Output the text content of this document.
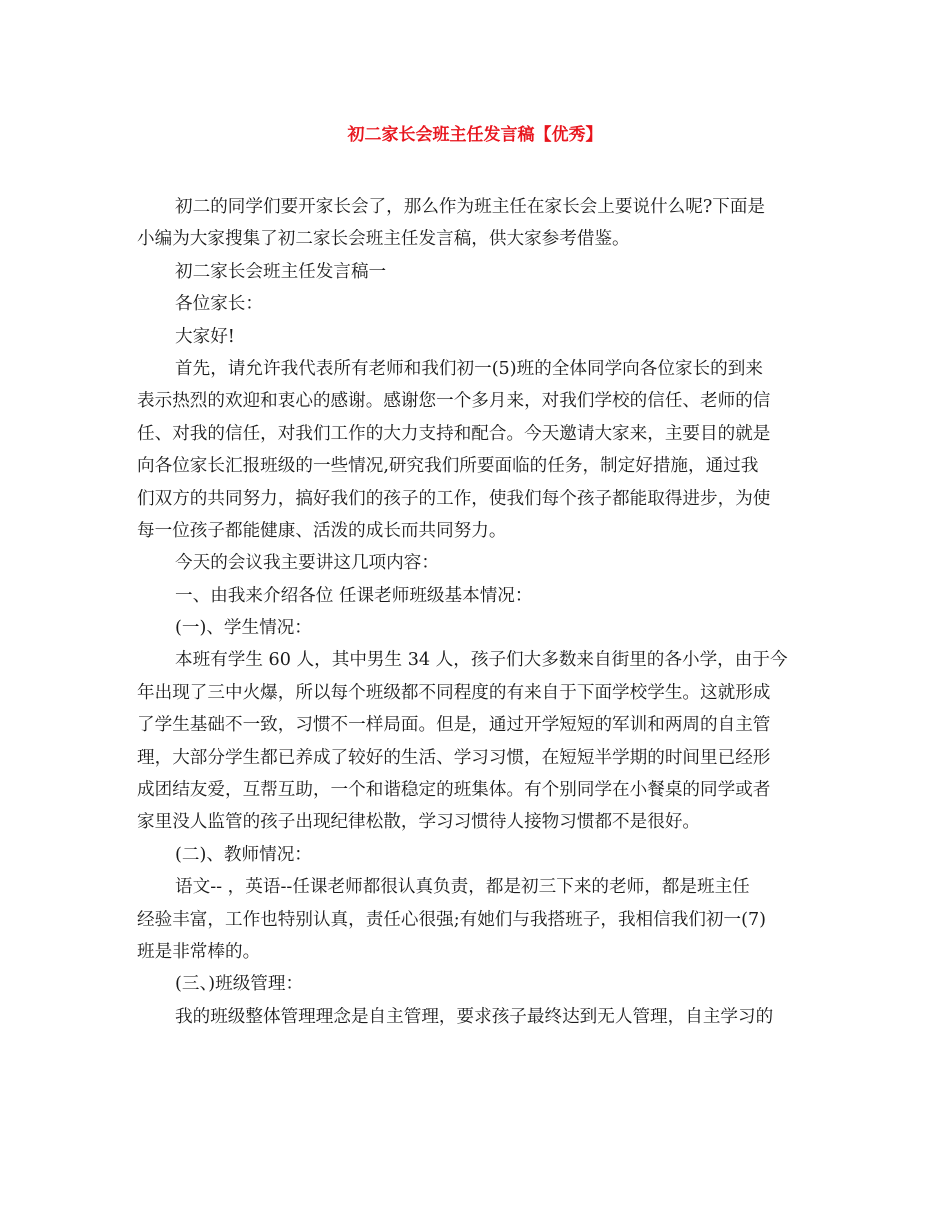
初二家长会班主任发言稿【优秀】
初二的同学们要开家长会了，那么作为班主任在家长会上要说什么呢?下面是
小编为大家搜集了初二家长会班主任发言稿，供大家参考借鉴。
初二家长会班主任发言稿一
各位家长：
大家好!
首先，请允许我代表所有老师和我们初一(5)班的全体同学向各位家长的到来
表示热烈的欢迎和衷心的感谢。感谢您一个多月来，对我们学校的信任、老师的信
任、对我的信任，对我们工作的大力支持和配合。今天邀请大家来，主要目的就是
向各位家长汇报班级的一些情况,研究我们所要面临的任务，制定好措施，通过我
们双方的共同努力，搞好我们的孩子的工作，使我们每个孩子都能取得进步，为使
每一位孩子都能健康、活泼的成长而共同努力。
今天的会议我主要讲这几项内容：
一、由我来介绍各位 任课老师班级基本情况：
(一)、学生情况：
本班有学生 60 人，其中男生 34 人，孩子们大多数来自街里的各小学，由于今
年出现了三中火爆，所以每个班级都不同程度的有来自于下面学校学生。这就形成
了学生基础不一致，习惯不一样局面。但是，通过开学短短的军训和两周的自主管
理，大部分学生都已养成了较好的生活、学习习惯，在短短半学期的时间里已经形
成团结友爱，互帮互助，一个和谐稳定的班集体。有个别同学在小餐桌的同学或者
家里没人监管的孩子出现纪律松散，学习习惯待人接物习惯都不是很好。
(二)、教师情况：
语文-- ，英语--任课老师都很认真负责，都是初三下来的老师，都是班主任
经验丰富，工作也特别认真，责任心很强;有她们与我搭班子，我相信我们初一(7)
班是非常棒的。
(三、)班级管理：
我的班级整体管理理念是自主管理，要求孩子最终达到无人管理，自主学习的
